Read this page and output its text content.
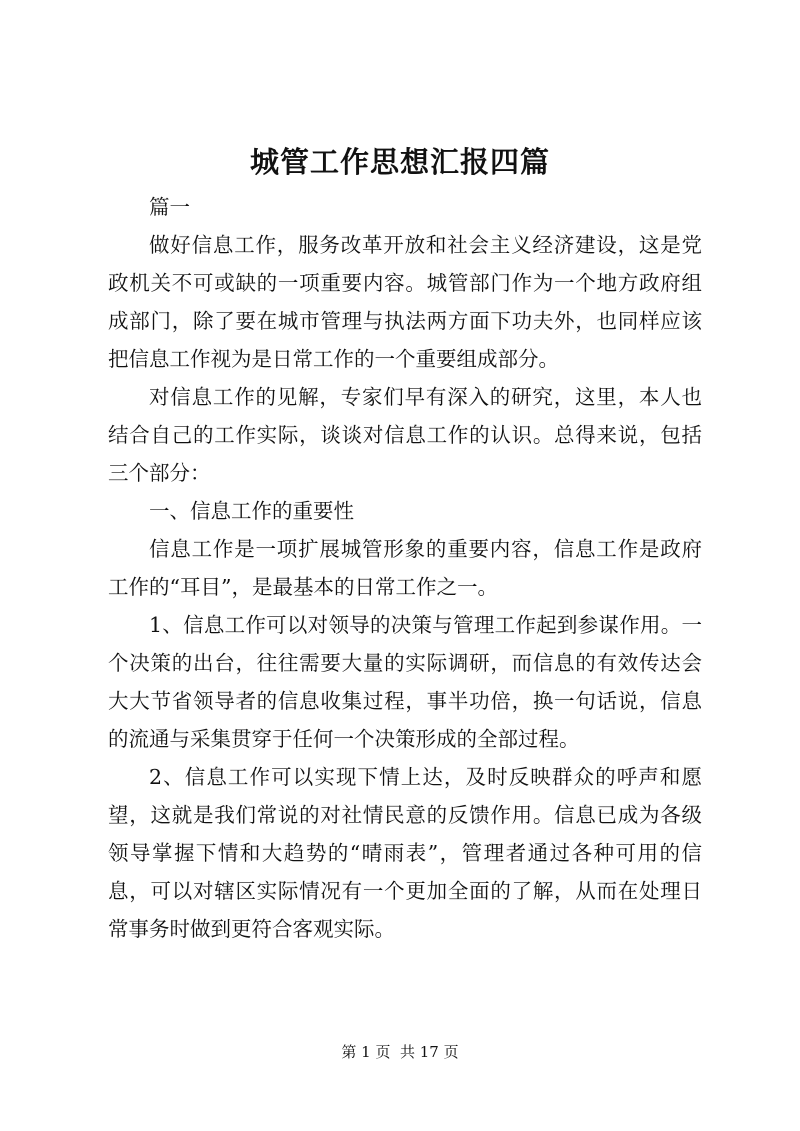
城管工作思想汇报四篇

篇一

做好信息工作，服务改革开放和社会主义经济建设，这是党政机关不可或缺的一项重要内容。城管部门作为一个地方政府组成部门，除了要在城市管理与执法两方面下功夫外，也同样应该把信息工作视为是日常工作的一个重要组成部分。

对信息工作的见解，专家们早有深入的研究，这里，本人也结合自己的工作实际，谈谈对信息工作的认识。总得来说，包括三个部分：

一、信息工作的重要性

信息工作是一项扩展城管形象的重要内容，信息工作是政府工作的“耳目”，是最基本的日常工作之一。

1、信息工作可以对领导的决策与管理工作起到参谋作用。一个决策的出台，往往需要大量的实际调研，而信息的有效传达会大大节省领导者的信息收集过程，事半功倍，换一句话说，信息的流通与采集贯穿于任何一个决策形成的全部过程。

2、信息工作可以实现下情上达，及时反映群众的呼声和愿望，这就是我们常说的对社情民意的反馈作用。信息已成为各级领导掌握下情和大趋势的“晴雨表”，管理者通过各种可用的信息，可以对辖区实际情况有一个更加全面的了解，从而在处理日常事务时做到更符合客观实际。

第 1 页  共 17 页
